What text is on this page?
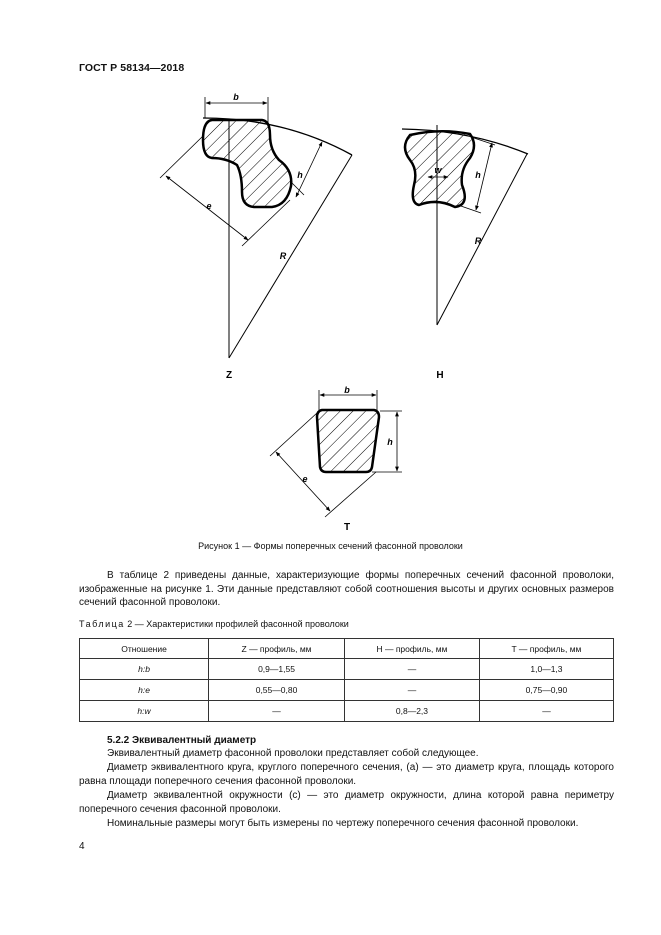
ГОСТ Р 58134—2018
b
e
h
R
Z
h
w
R
H
b
h
e
T
Рисунок 1 — Формы поперечных сечений фасонной проволоки
В таблице 2 приведены данные, характеризующие формы поперечных сечений фасонной проволоки, изображенные на рисунке 1. Эти данные представляют собой соотношения высоты и других основных размеров сечений фасонной проволоки.
Таблица 2 — Характеристики профилей фасонной проволоки
Отношение	Z — профиль, мм	H — профиль, мм	T — профиль, мм
h:b	0,9—1,55	—	1,0—1,3
h:e	0,55—0,80	—	0,75—0,90
h:w	—	0,8—2,3	—
5.2.2 Эквивалентный диаметр
Эквивалентный диаметр фасонной проволоки представляет собой следующее.
Диаметр эквивалентного круга, круглого поперечного сечения, (a) — это диаметр круга, площадь которого равна площади поперечного сечения фасонной проволоки.
Диаметр эквивалентной окружности (c) — это диаметр окружности, длина которой равна периметру поперечного сечения фасонной проволоки.
Номинальные размеры могут быть измерены по чертежу поперечного сечения фасонной проволоки.
4
